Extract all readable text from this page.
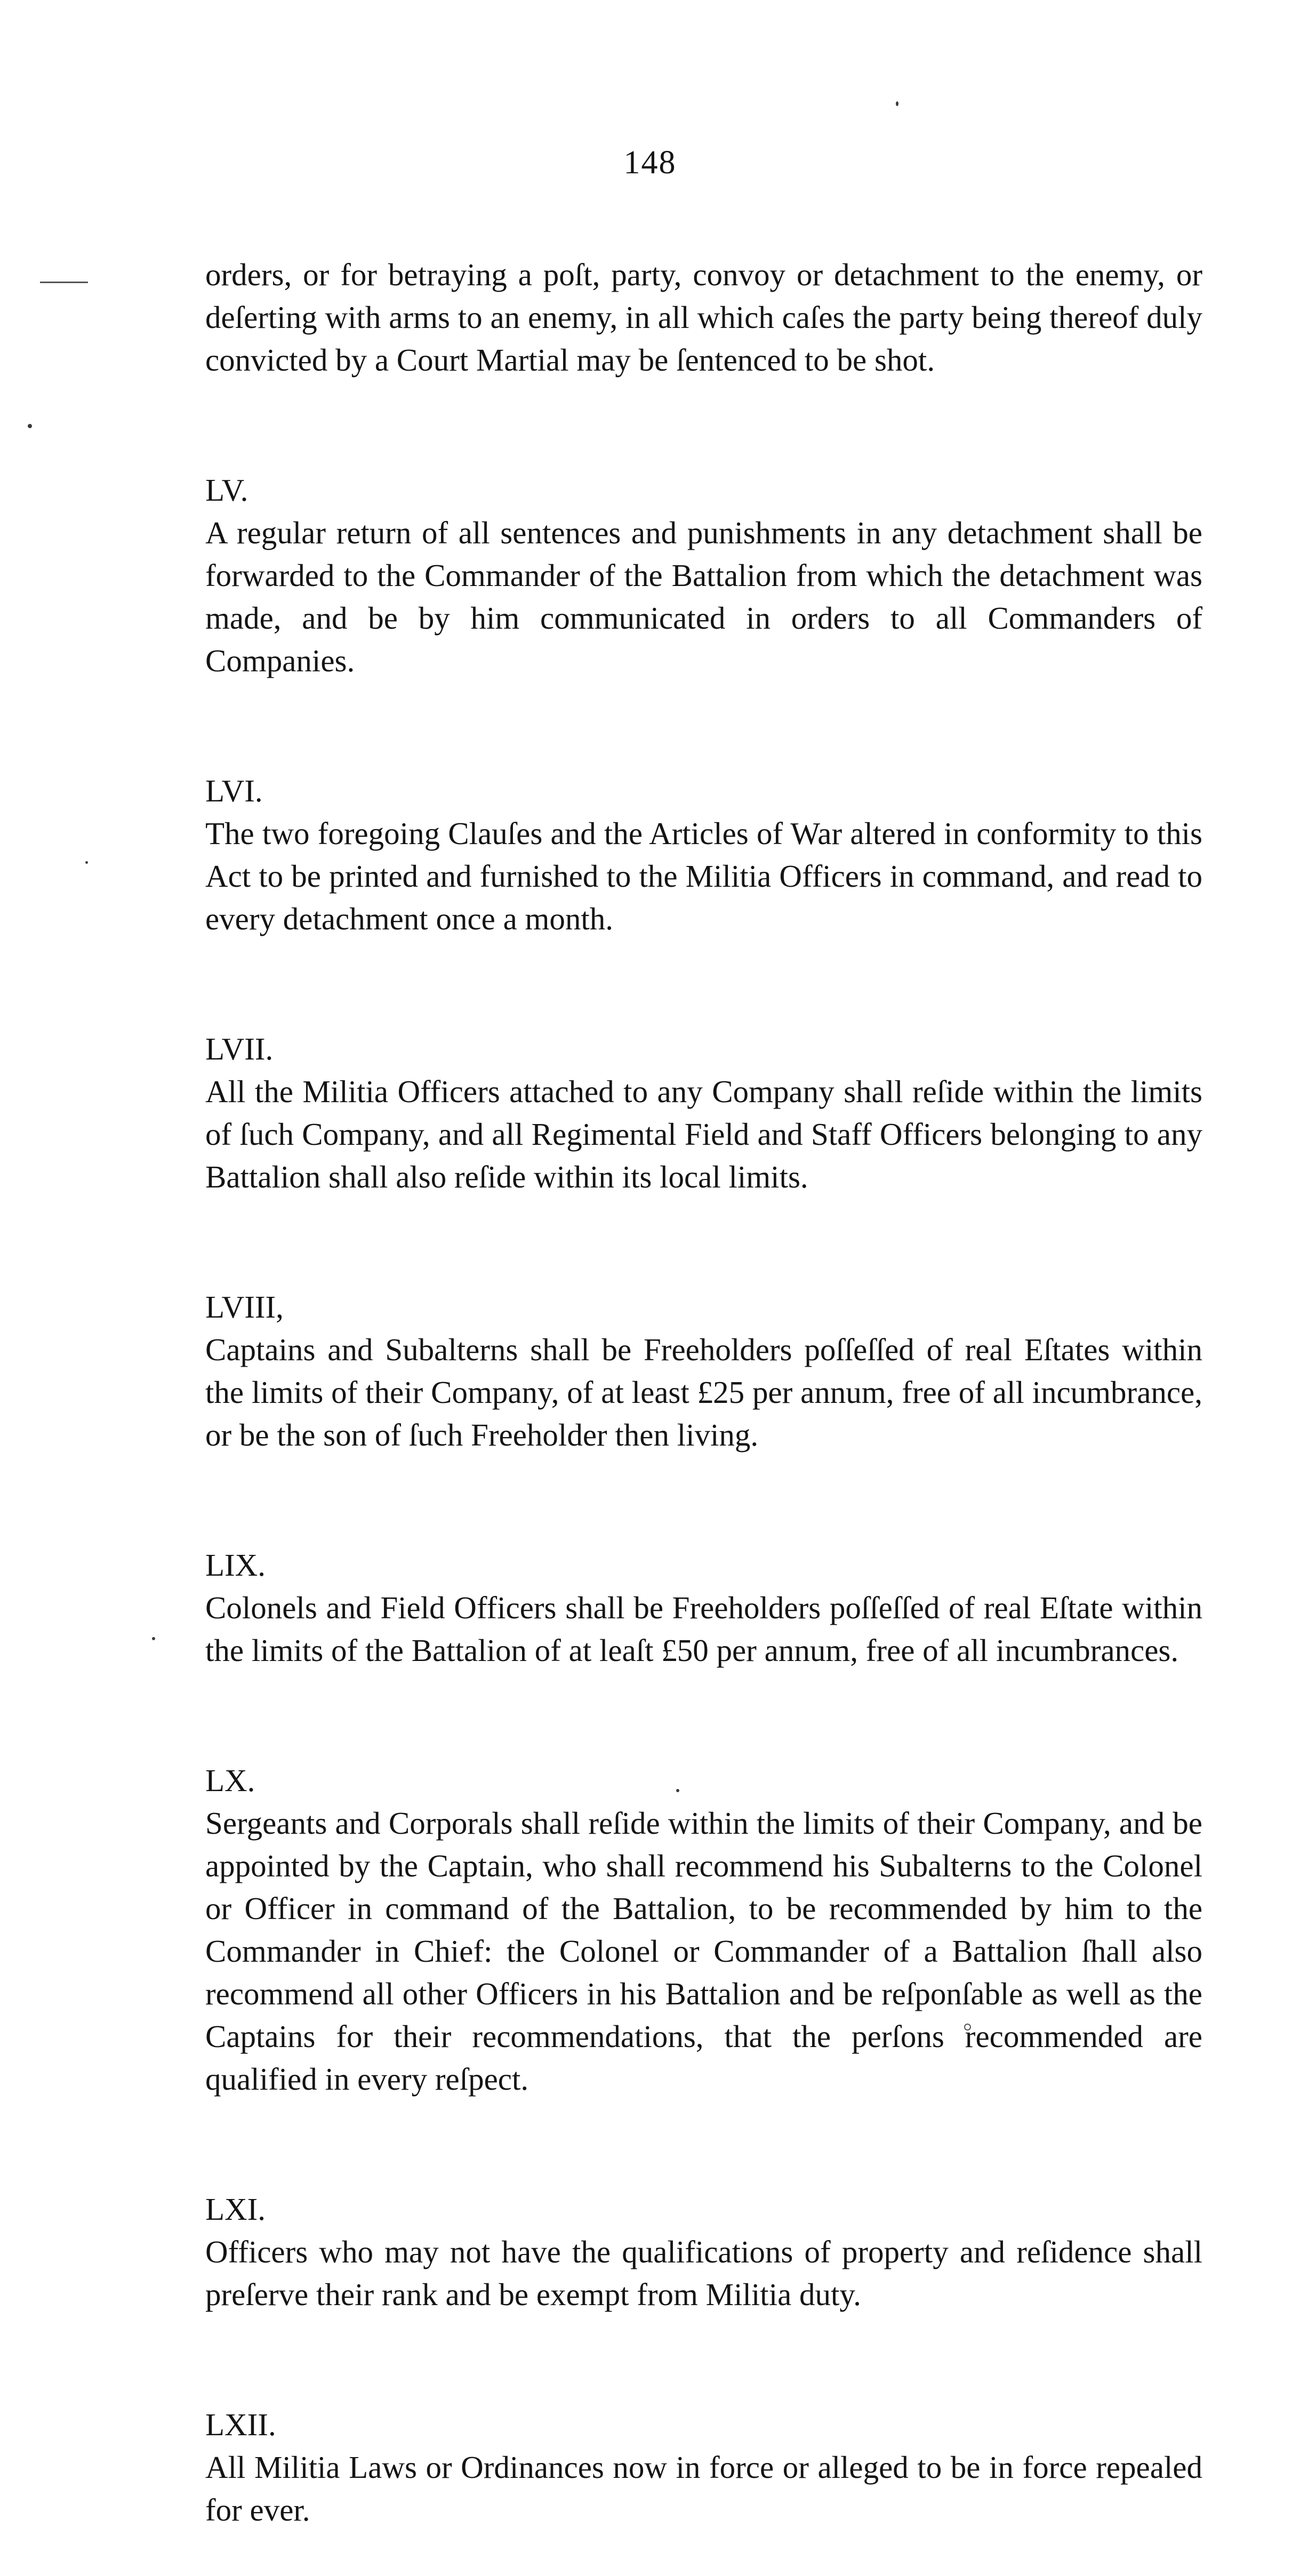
148

orders, or for betraying a poſt, party, convoy or detachment to the enemy, or deſerting with arms to an enemy, in all which caſes the party being thereof duly convicted by a Court Martial may be ſentenced to be shot.

LV.
A regular return of all sentences and punishments in any detachment shall be forwarded to the Commander of the Battalion from which the detachment was made, and be by him communicated in orders to all Commanders of Companies.

LVI.
The two foregoing Clauſes and the Articles of War altered in conformity to this Act to be printed and furnished to the Militia Officers in command, and read to every detachment once a month.

LVII.
All the Militia Officers attached to any Company shall reſide within the limits of ſuch Company, and all Regimental Field and Staff Officers belonging to any Battalion shall also reſide within its local limits.

LVIII,
Captains and Subalterns shall be Freeholders poſſeſſed of real Eſtates within the limits of their Company, of at least £25 per annum, free of all incumbrance, or be the son of ſuch Freeholder then living.

LIX.
Colonels and Field Officers shall be Freeholders poſſeſſed of real Eſtate within the limits of the Battalion of at leaſt £50 per annum, free of all incumbrances.

LX.
Sergeants and Corporals shall reſide within the limits of their Company, and be appointed by the Captain, who shall recommend his Subalterns to the Colonel or Officer in command of the Battalion, to be recommended by him to the Commander in Chief: the Colonel or Commander of a Battalion ſhall also recommend all other Officers in his Battalion and be reſponſable as well as the Captains for their recommendations, that the perſons recommended are qualified in every reſpect.

LXI.
Officers who may not have the qualifications of property and reſidence shall preſerve their rank and be exempt from Militia duty.

LXII.
All Militia Laws or Ordinances now in force or alleged to be in force repealed for ever.
